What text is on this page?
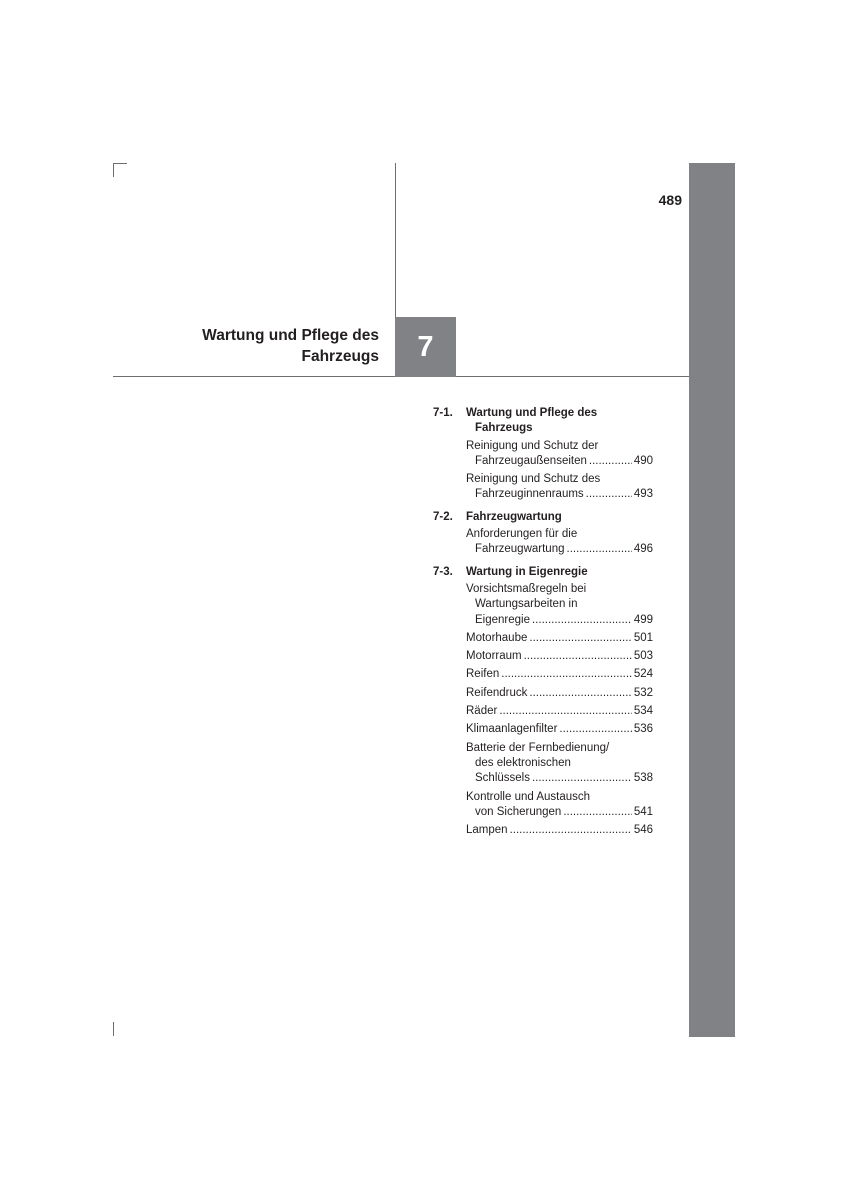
489
Wartung und Pflege des
Fahrzeugs 7
7-1.	Wartung und Pflege des
Fahrzeugs
Reinigung und Schutz der
Fahrzeugaußenseiten .....	490
Reinigung und Schutz des
Fahrzeuginnenraums .....	493
7-2.	Fahrzeugwartung
Anforderungen für die
Fahrzeugwartung .....	496
7-3.	Wartung in Eigenregie
Vorsichtsmaßregeln bei
Wartungsarbeiten in
Eigenregie .....	499
Motorhaube .....	501
Motorraum .....	503
Reifen .....	524
Reifendruck .....	532
Räder .....	534
Klimaanlagenfilter .....	536
Batterie der Fernbedienung/
des elektronischen
Schlüssels .....	538
Kontrolle und Austausch
von Sicherungen .....	541
Lampen .....	546
